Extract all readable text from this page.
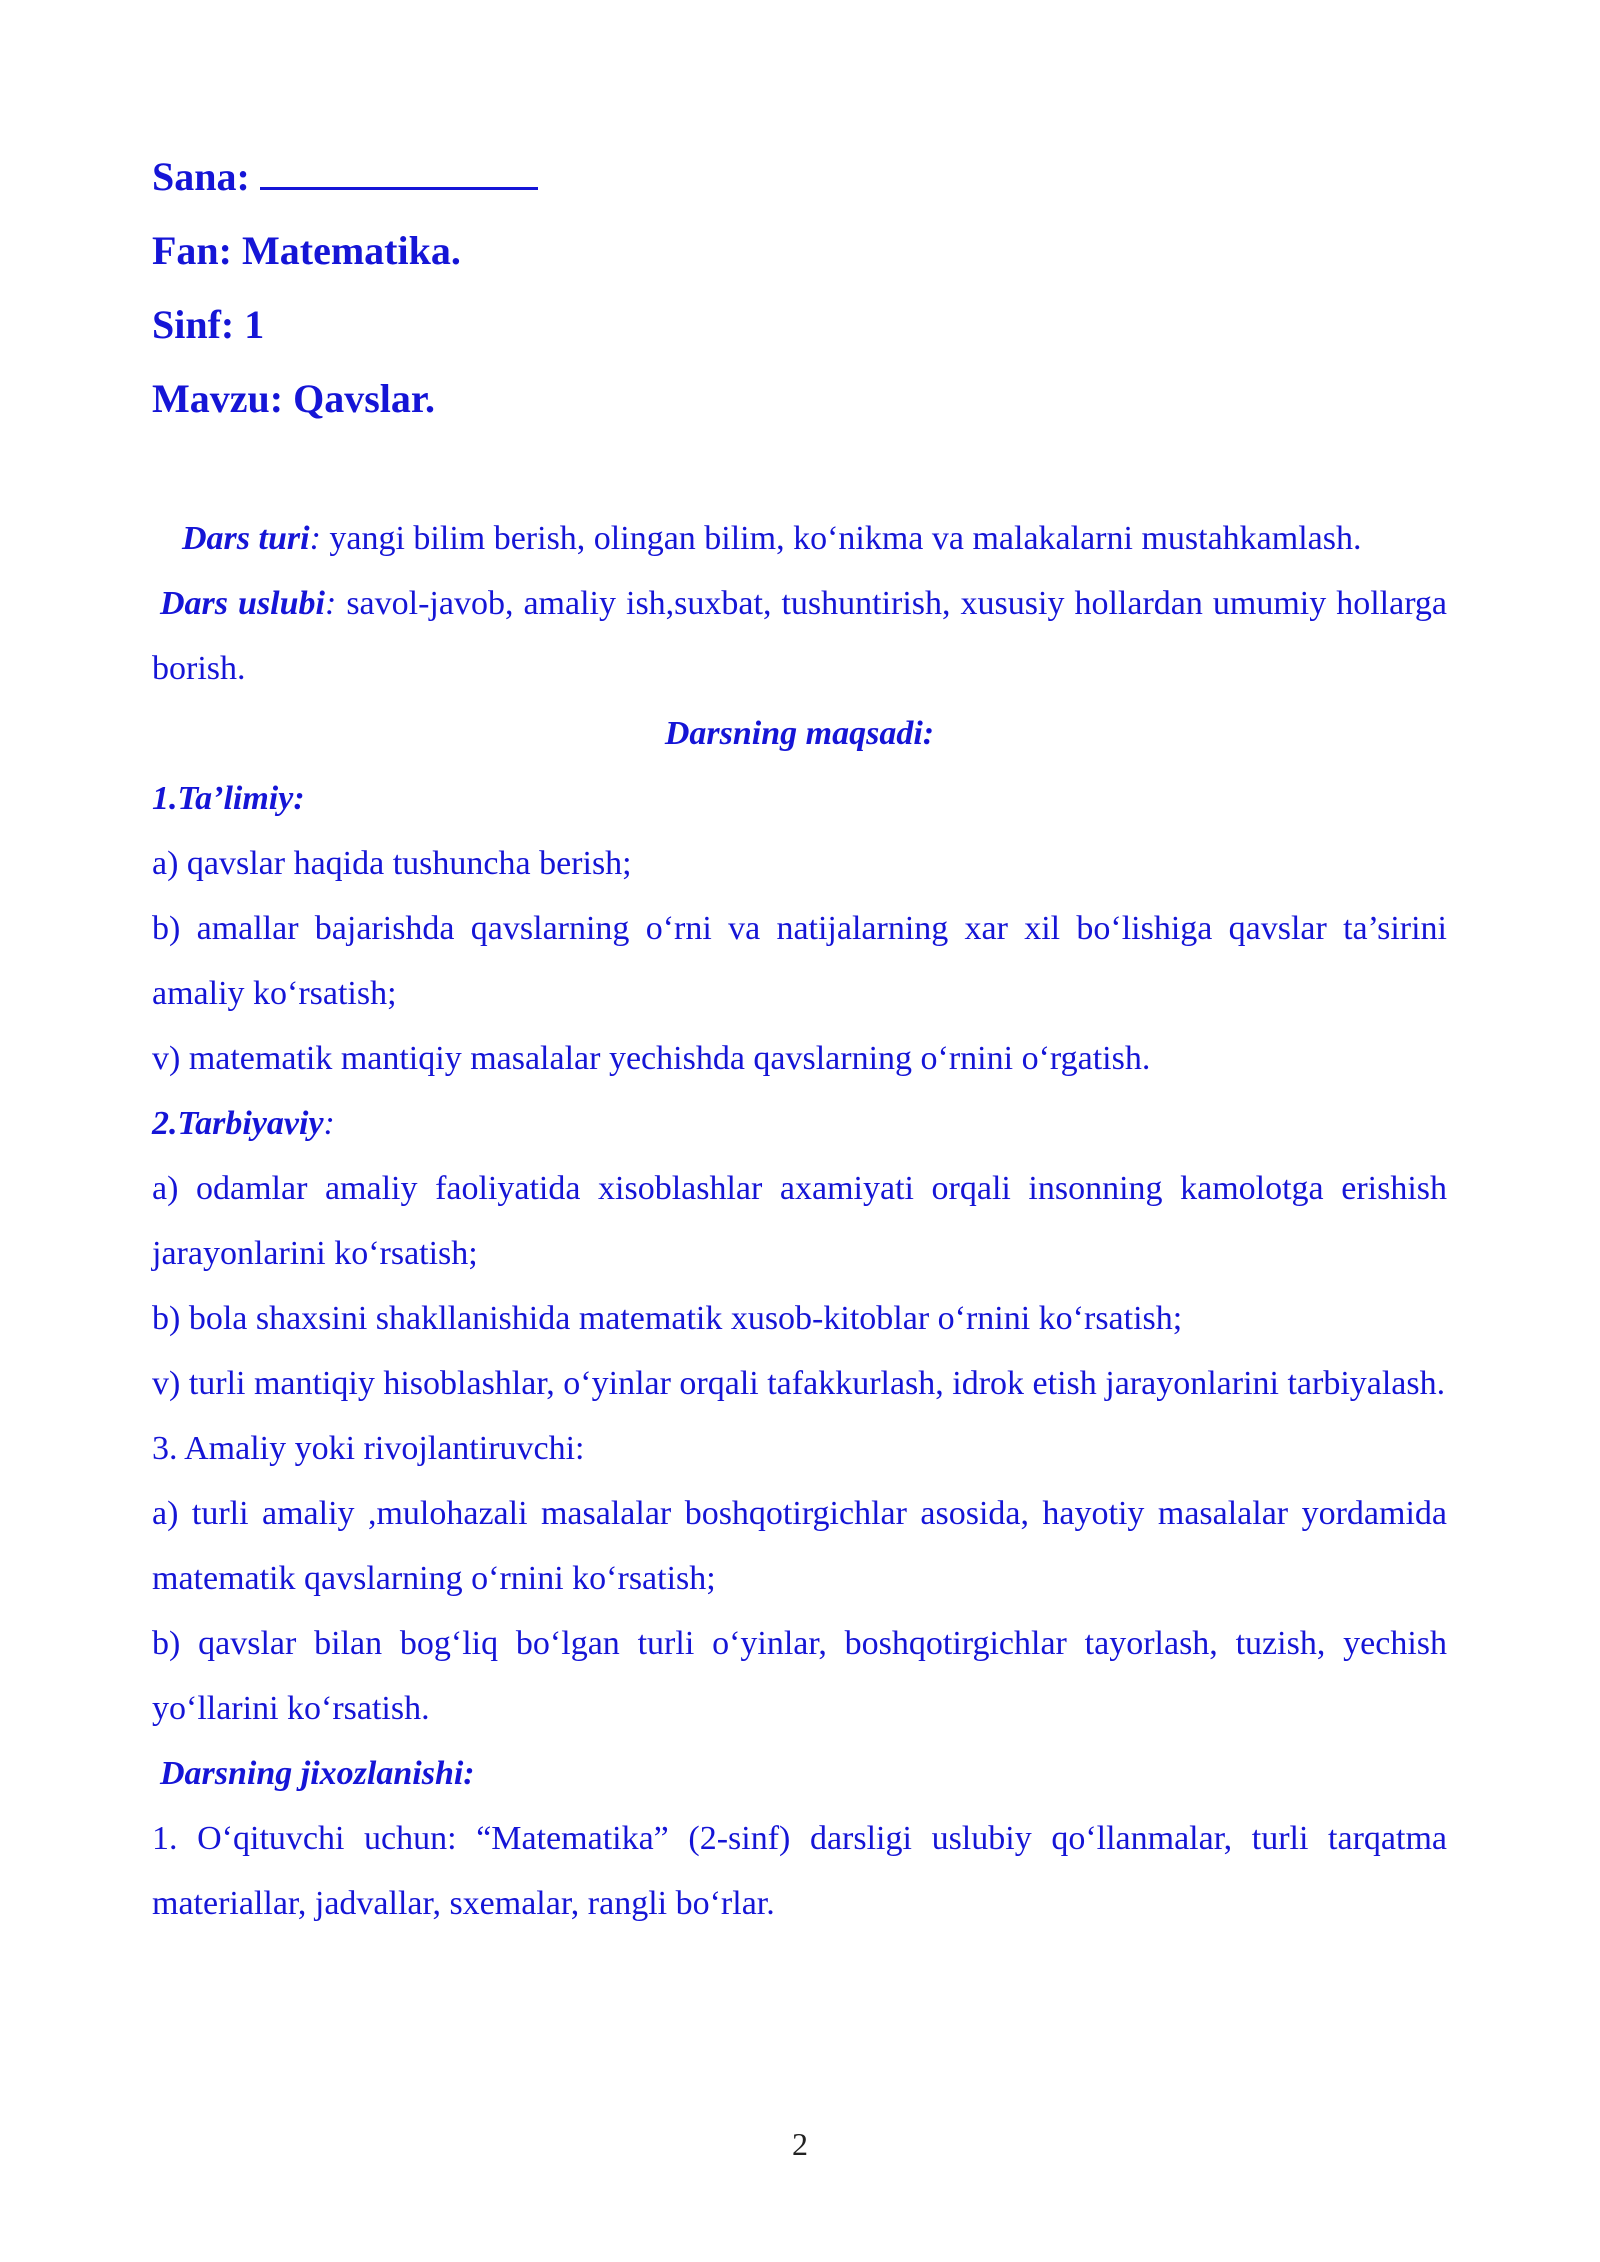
Sana:
Fan: Matematika.
Sinf: 1
Mavzu: Qavslar.

Dars turi: yangi bilim berish, olingan bilim, ko‘nikma va malakalarni mustahkamlash.

Dars uslubi: savol-javob, amaliy ish,suxbat, tushuntirish, xususiy hollardan umumiy hollarga borish.

Darsning maqsadi:

1.Ta’limiy:

a) qavslar haqida tushuncha berish;

b) amallar bajarishda qavslarning o‘rni va natijalarning xar xil bo‘lishiga qavslar ta’sirini amaliy ko‘rsatish;

v) matematik mantiqiy masalalar yechishda qavslarning o‘rnini o‘rgatish.

2.Tarbiyaviy:

a) odamlar amaliy faoliyatida xisoblashlar axamiyati orqali insonning kamolotga erishish jarayonlarini ko‘rsatish;

b) bola shaxsini shakllanishida matematik xusob-kitoblar o‘rnini ko‘rsatish;

v) turli mantiqiy hisoblashlar, o‘yinlar orqali tafakkurlash, idrok etish jarayonlarini tarbiyalash.

3. Amaliy yoki rivojlantiruvchi:

a) turli amaliy ,mulohazali masalalar boshqotirgichlar asosida, hayotiy masalalar yordamida matematik qavslarning o‘rnini ko‘rsatish;

b) qavslar bilan bog‘liq bo‘lgan turli o‘yinlar, boshqotirgichlar tayorlash, tuzish, yechish yo‘llarini ko‘rsatish.

Darsning jixozlanishi:

1. O‘qituvchi uchun: “Matematika” (2-sinf) darsligi uslubiy qo‘llanmalar, turli tarqatma materiallar, jadvallar, sxemalar, rangli bo‘rlar.

2
